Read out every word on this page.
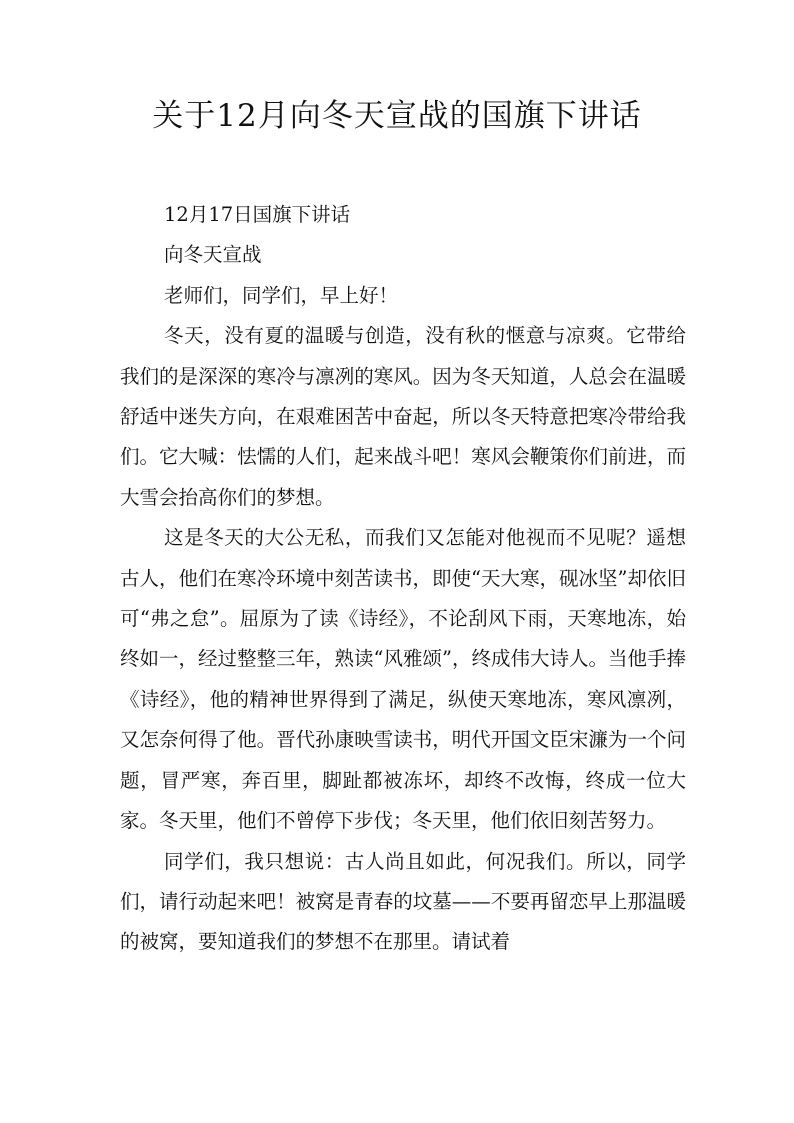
关于12月向冬天宣战的国旗下讲话

12月17日国旗下讲话

向冬天宣战

老师们，同学们，早上好！

冬天，没有夏的温暖与创造，没有秋的惬意与凉爽。它带给我们的是深深的寒冷与凛冽的寒风。因为冬天知道，人总会在温暖舒适中迷失方向，在艰难困苦中奋起，所以冬天特意把寒冷带给我们。它大喊：怯懦的人们，起来战斗吧！寒风会鞭策你们前进，而大雪会抬高你们的梦想。

这是冬天的大公无私，而我们又怎能对他视而不见呢？遥想古人，他们在寒冷环境中刻苦读书，即使“天大寒，砚冰坚”却依旧可“弗之怠”。屈原为了读《诗经》，不论刮风下雨，天寒地冻，始终如一，经过整整三年，熟读“风雅颂”，终成伟大诗人。当他手捧《诗经》，他的精神世界得到了满足，纵使天寒地冻，寒风凛冽，又怎奈何得了他。晋代孙康映雪读书，明代开国文臣宋濂为一个问题，冒严寒，奔百里，脚趾都被冻坏，却终不改悔，终成一位大家。冬天里，他们不曾停下步伐；冬天里，他们依旧刻苦努力。

同学们，我只想说：古人尚且如此，何况我们。所以，同学们，请行动起来吧！被窝是青春的坟墓——不要再留恋早上那温暖的被窝，要知道我们的梦想不在那里。请试着
